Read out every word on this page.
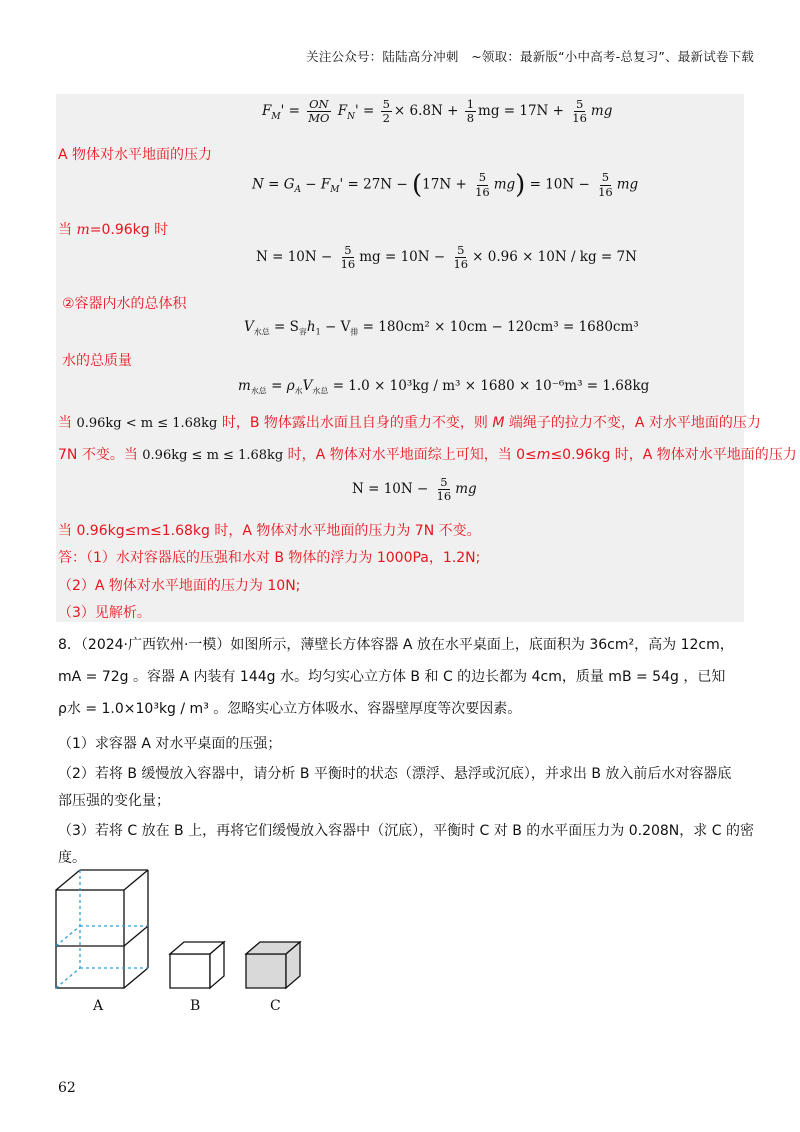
关注公众号：陆陆高分冲刺　~领取：最新版“小中高考-总复习”、最新试卷下载
$F_M' = \frac{ON}{MO} F_N' = \frac{5}{2} \times 6.8N + \frac{1}{8}$ mg = $17N + \frac{5}{16}$ mg
A 物体对水平地面的压力
$N = G_A - F_M' = 27N - (17N + \frac{5}{16} mg) = 10N - \frac{5}{16}$ mg
当 m=0.96kg 时
$N = 10N - \frac{5}{16}$ mg = $10N - \frac{5}{16} \times 0.96 \times 10N$ / kg = 7N
②容器内水的总体积
$V_{水总} = S_容h_1 - V_排 = 180cm^2 \times 10cm - 120cm^3 = 1680cm^3$
水的总质量
$m_{水总} = \rho_水V_{水总} = 1.0 \times 10^3kg / m^3 \times 1680 \times 10^{-6}m^3 = 1.68kg$
当 0.96kg < m ≤ 1.68kg 时，B 物体露出水面且自身的重力不变，则 M 端绳子的拉力不变，A 对水平地面的压力
7N 不变。当 0.96kg ≤ m ≤ 1.68kg 时，A 物体对水平地面综上可知，当 0≤m≤0.96kg 时，A 物体对水平地面的压力
$N = 10N - \frac{5}{16}$ mg
当 0.96kg≤m≤1.68kg 时，A 物体对水平地面的压力为 7N 不变。
答：（1）水对容器底的压强和水对 B 物体的浮力为 1000Pa，1.2N;
（2）A 物体对水平地面的压力为 10N;
（3）见解析。
8．（2024·广西钦州·一模）如图所示，薄壁长方体容器 A 放在水平桌面上，底面积为 36cm²，高为 12cm，
mA = 72g 。容器 A 内装有 144g 水。均匀实心立方体 B 和 C 的边长都为 4cm，质量 mB = 54g ，已知
ρ水 = 1.0×10³kg / m³ 。忽略实心立方体吸水、容器壁厚度等次要因素。
（1）求容器 A 对水平桌面的压强；
（2）若将 B 缓慢放入容器中，请分析 B 平衡时的状态（漂浮、悬浮或沉底），并求出 B 放入前后水对容器底
部压强的变化量；
（3）若将 C 放在 B 上，再将它们缓慢放入容器中（沉底），平衡时 C 对 B 的水平面压力为 0.208N，求 C 的密
度。
A	B	C
62
